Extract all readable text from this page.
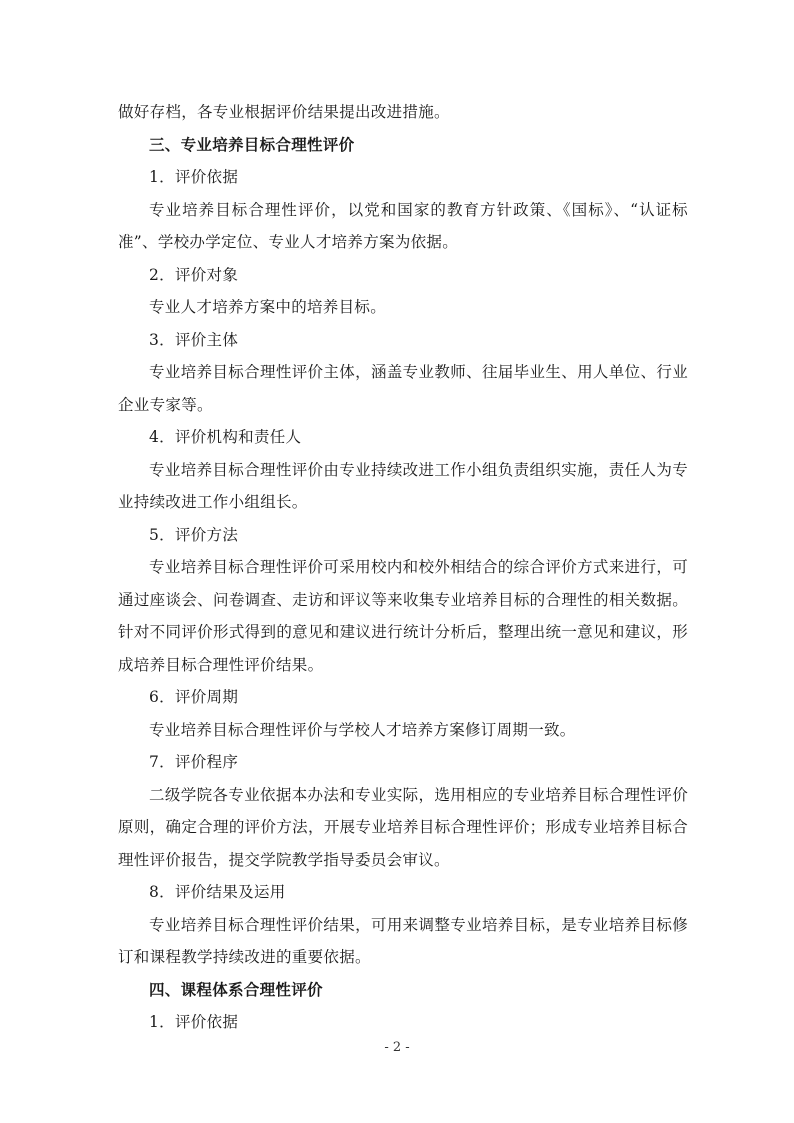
做好存档，各专业根据评价结果提出改进措施。

三、专业培养目标合理性评价

1．评价依据

专业培养目标合理性评价，以党和国家的教育方针政策、《国标》、“认证标准”、学校办学定位、专业人才培养方案为依据。

2．评价对象

专业人才培养方案中的培养目标。

3．评价主体

专业培养目标合理性评价主体，涵盖专业教师、往届毕业生、用人单位、行业企业专家等。

4．评价机构和责任人

专业培养目标合理性评价由专业持续改进工作小组负责组织实施，责任人为专业持续改进工作小组组长。

5．评价方法

专业培养目标合理性评价可采用校内和校外相结合的综合评价方式来进行，可通过座谈会、问卷调查、走访和评议等来收集专业培养目标的合理性的相关数据。针对不同评价形式得到的意见和建议进行统计分析后，整理出统一意见和建议，形成培养目标合理性评价结果。

6．评价周期

专业培养目标合理性评价与学校人才培养方案修订周期一致。

7．评价程序

二级学院各专业依据本办法和专业实际，选用相应的专业培养目标合理性评价原则，确定合理的评价方法，开展专业培养目标合理性评价；形成专业培养目标合理性评价报告，提交学院教学指导委员会审议。

8．评价结果及运用

专业培养目标合理性评价结果，可用来调整专业培养目标，是专业培养目标修订和课程教学持续改进的重要依据。

四、课程体系合理性评价

1．评价依据

- 2 -
